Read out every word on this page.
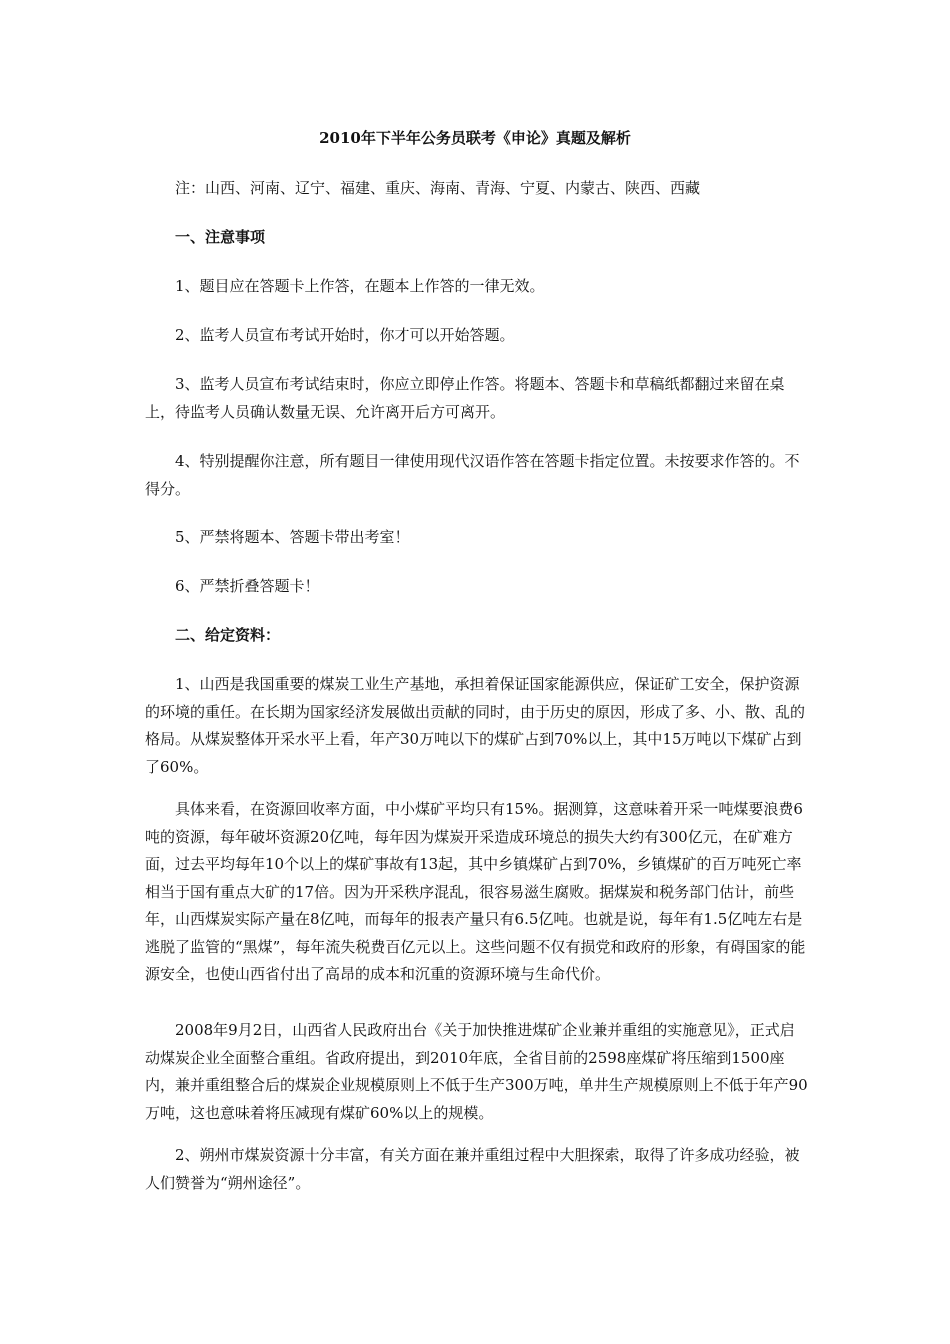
2010年下半年公务员联考《申论》真题及解析
注：山西、河南、辽宁、福建、重庆、海南、青海、宁夏、内蒙古、陕西、西藏
一、注意事项
1、题目应在答题卡上作答，在题本上作答的一律无效。
2、监考人员宣布考试开始时，你才可以开始答题。
3、监考人员宣布考试结束时，你应立即停止作答。将题本、答题卡和草稿纸都翻过来留在桌上，待监考人员确认数量无误、允许离开后方可离开。
4、特别提醒你注意，所有题目一律使用现代汉语作答在答题卡指定位置。未按要求作答的。不得分。
5、严禁将题本、答题卡带出考室！
6、严禁折叠答题卡！
二、给定资料：
1、山西是我国重要的煤炭工业生产基地，承担着保证国家能源供应，保证矿工安全，保护资源的环境的重任。在长期为国家经济发展做出贡献的同时，由于历史的原因，形成了多、小、散、乱的格局。从煤炭整体开采水平上看，年产30万吨以下的煤矿占到70%以上，其中15万吨以下煤矿占到了60%。
具体来看，在资源回收率方面，中小煤矿平均只有15%。据测算，这意味着开采一吨煤要浪费6吨的资源，每年破坏资源20亿吨，每年因为煤炭开采造成环境总的损失大约有300亿元，在矿难方面，过去平均每年10个以上的煤矿事故有13起，其中乡镇煤矿占到70%，乡镇煤矿的百万吨死亡率相当于国有重点大矿的17倍。因为开采秩序混乱，很容易滋生腐败。据煤炭和税务部门估计，前些年，山西煤炭实际产量在8亿吨，而每年的报表产量只有6.5亿吨。也就是说，每年有1.5亿吨左右是逃脱了监管的“黑煤”，每年流失税费百亿元以上。这些问题不仅有损党和政府的形象，有碍国家的能源安全，也使山西省付出了高昂的成本和沉重的资源环境与生命代价。
2008年9月2日，山西省人民政府出台《关于加快推进煤矿企业兼并重组的实施意见》，正式启动煤炭企业全面整合重组。省政府提出，到2010年底，全省目前的2598座煤矿将压缩到1500座内，兼并重组整合后的煤炭企业规模原则上不低于生产300万吨，单井生产规模原则上不低于年产90万吨，这也意味着将压减现有煤矿60%以上的规模。
2、朔州市煤炭资源十分丰富，有关方面在兼并重组过程中大胆探索，取得了许多成功经验，被人们赞誉为“朔州途径”。
